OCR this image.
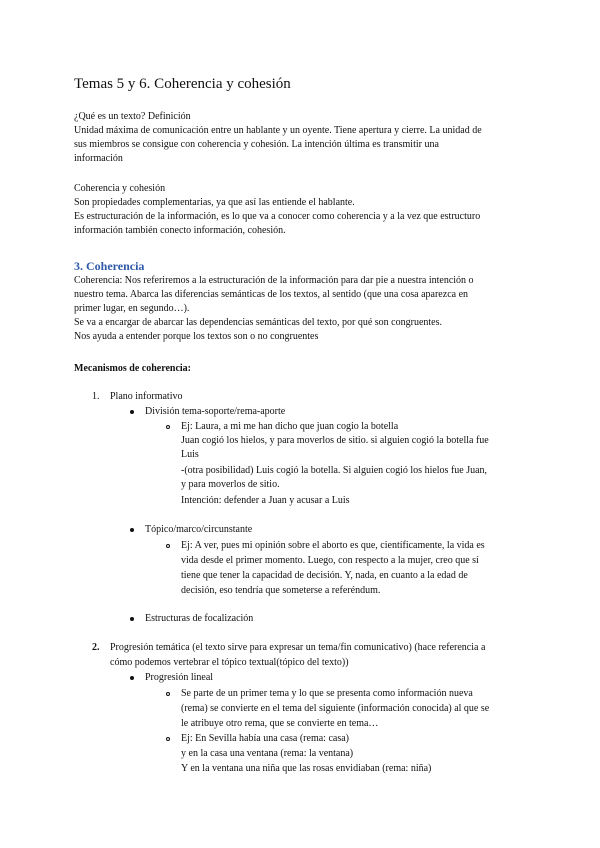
Temas 5 y 6. Coherencia y cohesión
¿Qué es un texto? Definición
Unidad máxima de comunicación entre un hablante y un oyente. Tiene apertura y cierre. La unidad de
sus miembros se consigue con coherencia y cohesión. La intención última es transmitir una
información
Coherencia y cohesión
Son propiedades complementarias, ya que así las entiende el hablante.
Es estructuración de la información, es lo que va a conocer como coherencia y a la vez que estructuro
información también conecto información, cohesión.
3. Coherencia
Coherencia: Nos referiremos a la estructuración de la información para dar pie a nuestra intención o
nuestro tema. Abarca las diferencias semánticas de los textos, al sentido (que una cosa aparezca en
primer lugar, en segundo…).
Se va a encargar de abarcar las dependencias semánticas del texto, por qué son congruentes.
Nos ayuda a entender porque los textos son o no congruentes
Mecanismos de coherencia:
1. Plano informativo
División tema-soporte/rema-aporte
Ej: Laura, a mi me han dicho que juan cogio la botella
Juan cogió los hielos, y para moverlos de sitio. si alguien cogió la botella fue
Luis
-(otra posibilidad) Luis cogió la botella. Si alguien cogió los hielos fue Juan,
y para moverlos de sitio.
Intención: defender a Juan y acusar a Luis
Tópico/marco/circunstante
Ej: A ver, pues mi opinión sobre el aborto es que, científicamente, la vida es
vida desde el primer momento. Luego, con respecto a la mujer, creo que sí
tiene que tener la capacidad de decisión. Y, nada, en cuanto a la edad de
decisión, eso tendría que someterse a referéndum.
Estructuras de focalización
2. Progresión temática (el texto sirve para expresar un tema/fin comunicativo) (hace referencia a
cómo podemos vertebrar el tópico textual(tópico del texto))
Progresión lineal
Se parte de un primer tema y lo que se presenta como información nueva
(rema) se convierte en el tema del siguiente (información conocida) al que se
le atribuye otro rema, que se convierte en tema…
Ej: En Sevilla había una casa (rema: casa)
y en la casa una ventana (rema: la ventana)
Y en la ventana una niña que las rosas envidiaban (rema: niña)
